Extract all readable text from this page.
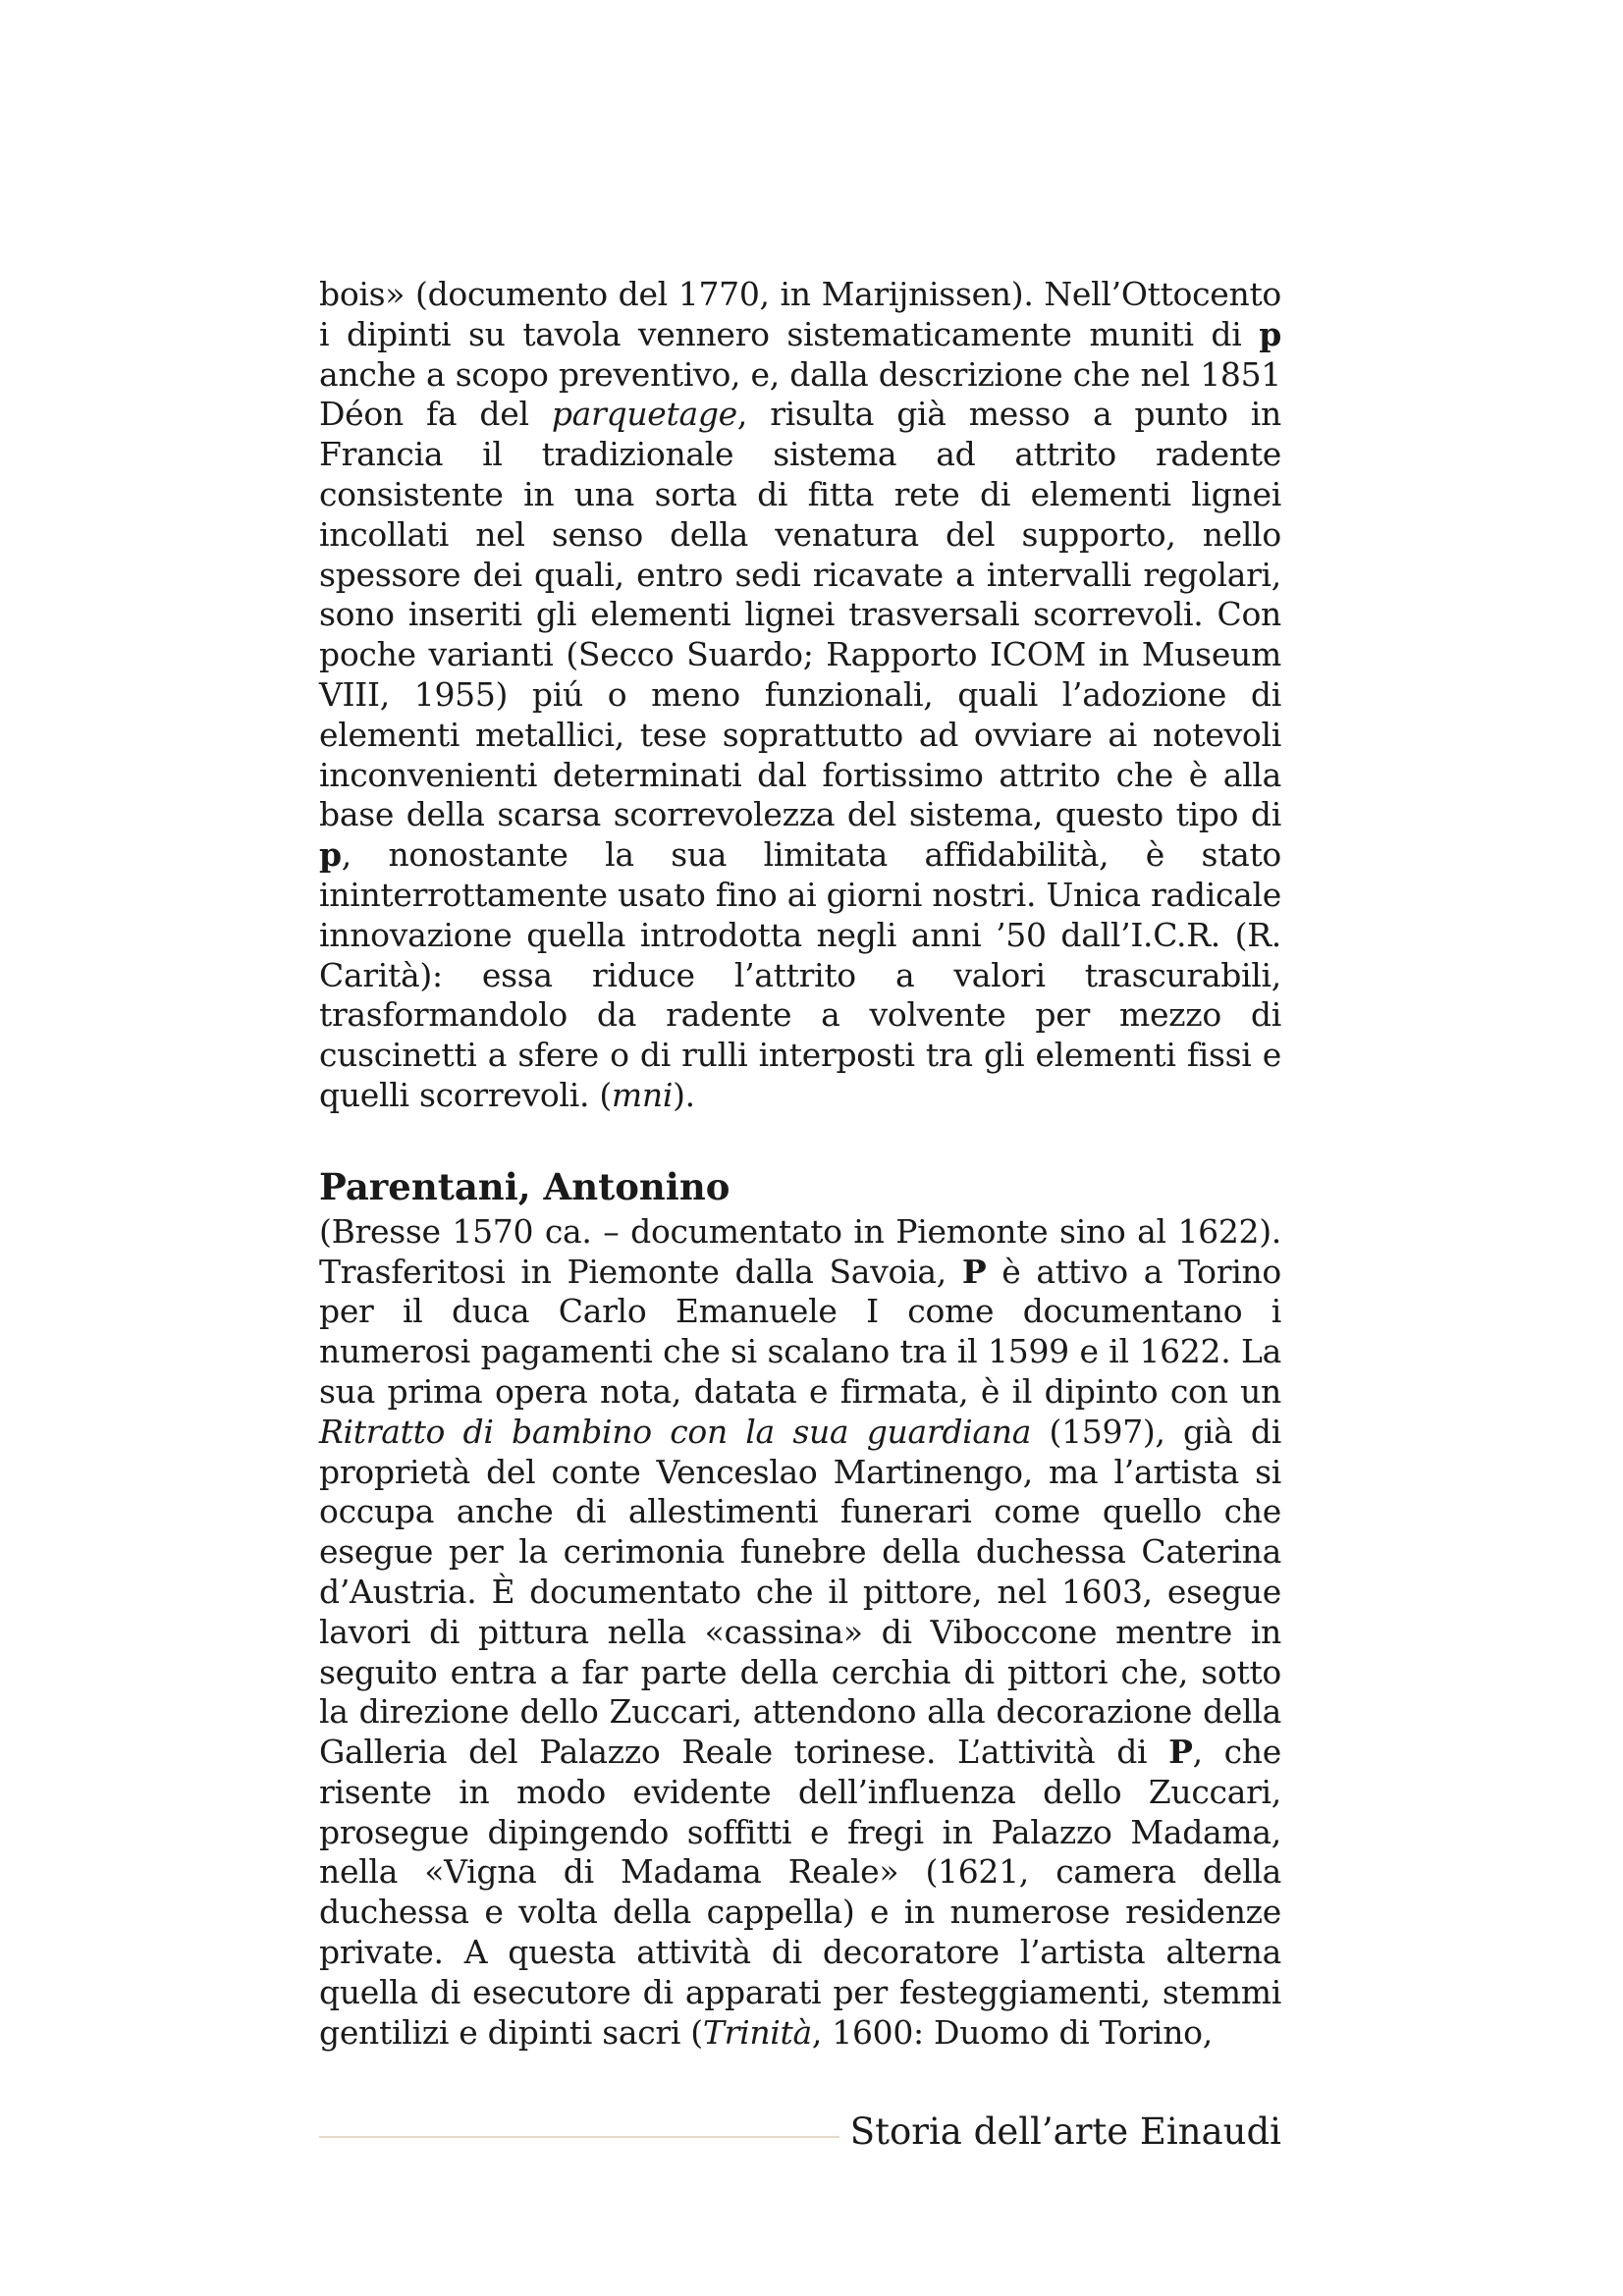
bois» (documento del 1770, in Marijnissen). Nell’Ottocento i dipinti su tavola vennero sistematicamente muniti di p anche a scopo preventivo, e, dalla descrizione che nel 1851 Déon fa del parquetage, risulta già messo a punto in Francia il tradizionale sistema ad attrito radente consistente in una sorta di fitta rete di elementi lignei incollati nel senso della venatura del supporto, nello spessore dei quali, entro sedi ricavate a intervalli regolari, sono inseriti gli elementi lignei trasversali scorrevoli. Con poche varianti (Secco Suardo; Rapporto ICOM in Museum VIII, 1955) piú o meno funzionali, quali l’adozione di elementi metallici, tese soprattutto ad ovviare ai notevoli inconvenienti determinati dal fortissimo attrito che è alla base della scarsa scorrevolezza del sistema, questo tipo di p, nonostante la sua limitata affidabilità, è stato ininterrottamente usato fino ai giorni nostri. Unica radicale innovazione quella introdotta negli anni ’50 dall’I.C.R. (R. Carità): essa riduce l’attrito a valori trascurabili, trasformandolo da radente a volvente per mezzo di cuscinetti a sfere o di rulli interposti tra gli elementi fissi e quelli scorrevoli. (mni).

Parentani, Antonino

(Bresse 1570 ca. – documentato in Piemonte sino al 1622). Trasferitosi in Piemonte dalla Savoia, P è attivo a Torino per il duca Carlo Emanuele I come documentano i numerosi pagamenti che si scalano tra il 1599 e il 1622. La sua prima opera nota, datata e firmata, è il dipinto con un Ritratto di bambino con la sua guardiana (1597), già di proprietà del conte Venceslao Martinengo, ma l’artista si occupa anche di allestimenti funerari come quello che esegue per la cerimonia funebre della duchessa Caterina d’Austria. È documentato che il pittore, nel 1603, esegue lavori di pittura nella «cassina» di Viboccone mentre in seguito entra a far parte della cerchia di pittori che, sotto la direzione dello Zuccari, attendono alla decorazione della Galleria del Palazzo Reale torinese. L’attività di P, che risente in modo evidente dell’influenza dello Zuccari, prosegue dipingendo soffitti e fregi in Palazzo Madama, nella «Vigna di Madama Reale» (1621, camera della duchessa e volta della cappella) e in numerose residenze private. A questa attività di decoratore l’artista alterna quella di esecutore di apparati per festeggiamenti, stemmi gentilizi e dipinti sacri (Trinità, 1600: Duomo di Torino,

Storia dell’arte Einaudi
